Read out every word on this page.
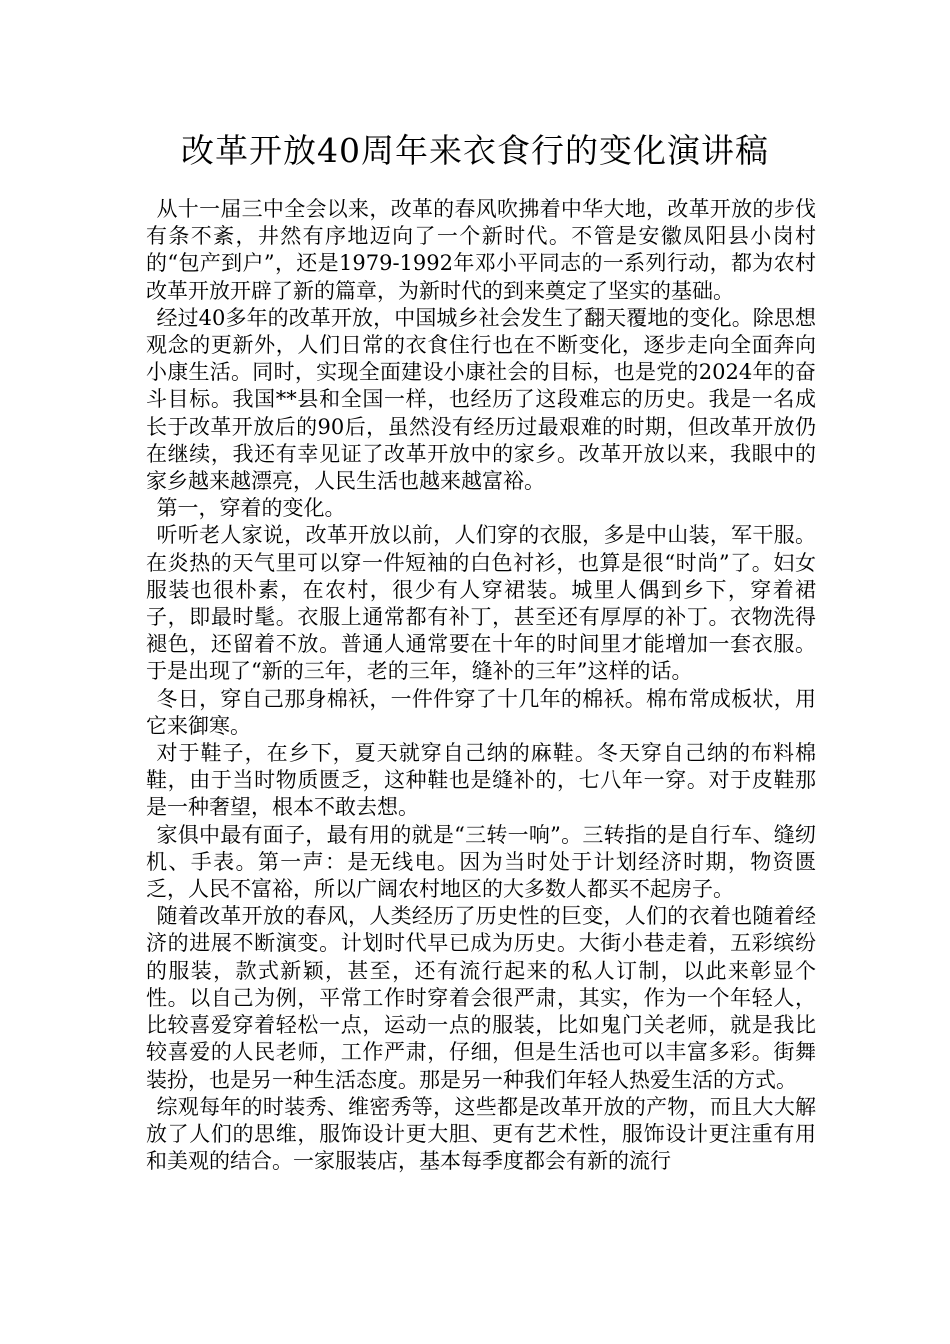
改革开放40周年来衣食行的变化演讲稿

从十一届三中全会以来，改革的春风吹拂着中华大地，改革开放的步伐有条不紊，井然有序地迈向了一个新时代。不管是安徽凤阳县小岗村的“包产到户”，还是1979-1992年邓小平同志的一系列行动，都为农村改革开放开辟了新的篇章，为新时代的到来奠定了坚实的基础。

经过40多年的改革开放，中国城乡社会发生了翻天覆地的变化。除思想观念的更新外，人们日常的衣食住行也在不断变化，逐步走向全面奔向小康生活。同时，实现全面建设小康社会的目标，也是党的2024年的奋斗目标。我国**县和全国一样，也经历了这段难忘的历史。我是一名成长于改革开放后的90后，虽然没有经历过最艰难的时期，但改革开放仍在继续，我还有幸见证了改革开放中的家乡。改革开放以来，我眼中的家乡越来越漂亮，人民生活也越来越富裕。

第一，穿着的变化。

听听老人家说，改革开放以前，人们穿的衣服，多是中山装，军干服。在炎热的天气里可以穿一件短袖的白色衬衫，也算是很“时尚”了。妇女服装也很朴素，在农村，很少有人穿裙装。城里人偶到乡下，穿着裙子，即最时髦。衣服上通常都有补丁，甚至还有厚厚的补丁。衣物洗得褪色，还留着不放。普通人通常要在十年的时间里才能增加一套衣服。于是出现了“新的三年，老的三年，缝补的三年”这样的话。

冬日，穿自己那身棉袄，一件件穿了十几年的棉袄。棉布常成板状，用它来御寒。

对于鞋子，在乡下，夏天就穿自己纳的麻鞋。冬天穿自己纳的布料棉鞋，由于当时物质匮乏，这种鞋也是缝补的，七八年一穿。对于皮鞋那是一种奢望，根本不敢去想。

家俱中最有面子，最有用的就是“三转一响”。三转指的是自行车、缝纫机、手表。第一声：是无线电。因为当时处于计划经济时期，物资匮乏，人民不富裕，所以广阔农村地区的大多数人都买不起房子。

随着改革开放的春风，人类经历了历史性的巨变，人们的衣着也随着经济的进展不断演变。计划时代早已成为历史。大街小巷走着，五彩缤纷的服装，款式新颖，甚至，还有流行起来的私人订制，以此来彰显个性。以自己为例，平常工作时穿着会很严肃，其实，作为一个年轻人，比较喜爱穿着轻松一点，运动一点的服装，比如鬼门关老师，就是我比较喜爱的人民老师，工作严肃，仔细，但是生活也可以丰富多彩。街舞装扮，也是另一种生活态度。那是另一种我们年轻人热爱生活的方式。

综观每年的时装秀、维密秀等，这些都是改革开放的产物，而且大大解放了人们的思维，服饰设计更大胆、更有艺术性，服饰设计更注重有用和美观的结合。一家服装店，基本每季度都会有新的流行
